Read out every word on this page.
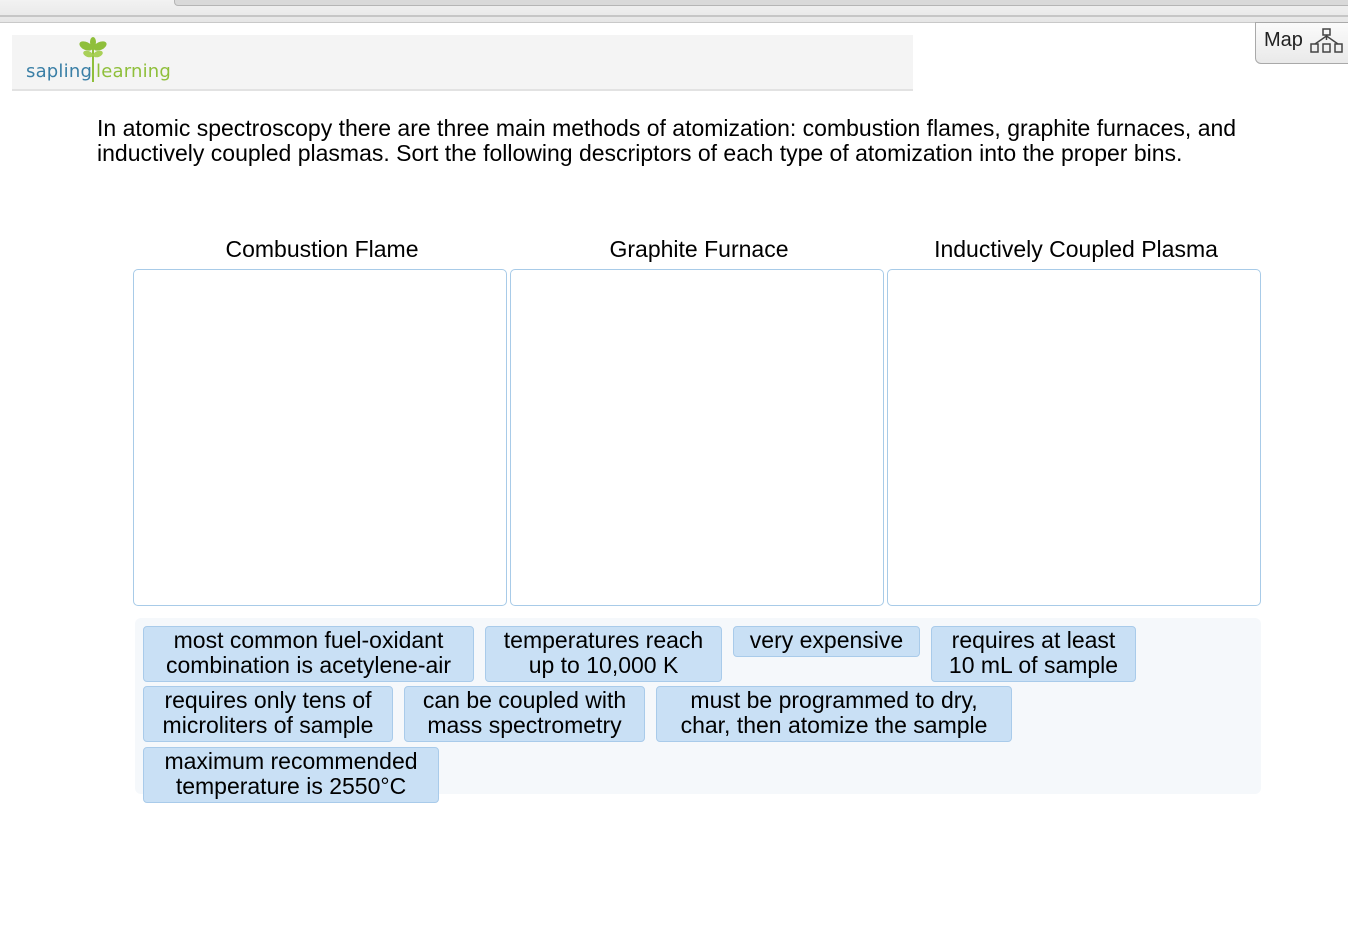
sapling learning
Map
In atomic spectroscopy there are three main methods of atomization: combustion flames, graphite furnaces, and inductively coupled plasmas. Sort the following descriptors of each type of atomization into the proper bins.
Combustion Flame	Graphite Furnace	Inductively Coupled Plasma
most common fuel-oxidant
combination is acetylene-air
temperatures reach
up to 10,000 K
very expensive	requires at least
10 mL of sample
requires only tens of
microliters of sample
can be coupled with
mass spectrometry
must be programmed to dry,
char, then atomize the sample
maximum recommended
temperature is 2550°C
